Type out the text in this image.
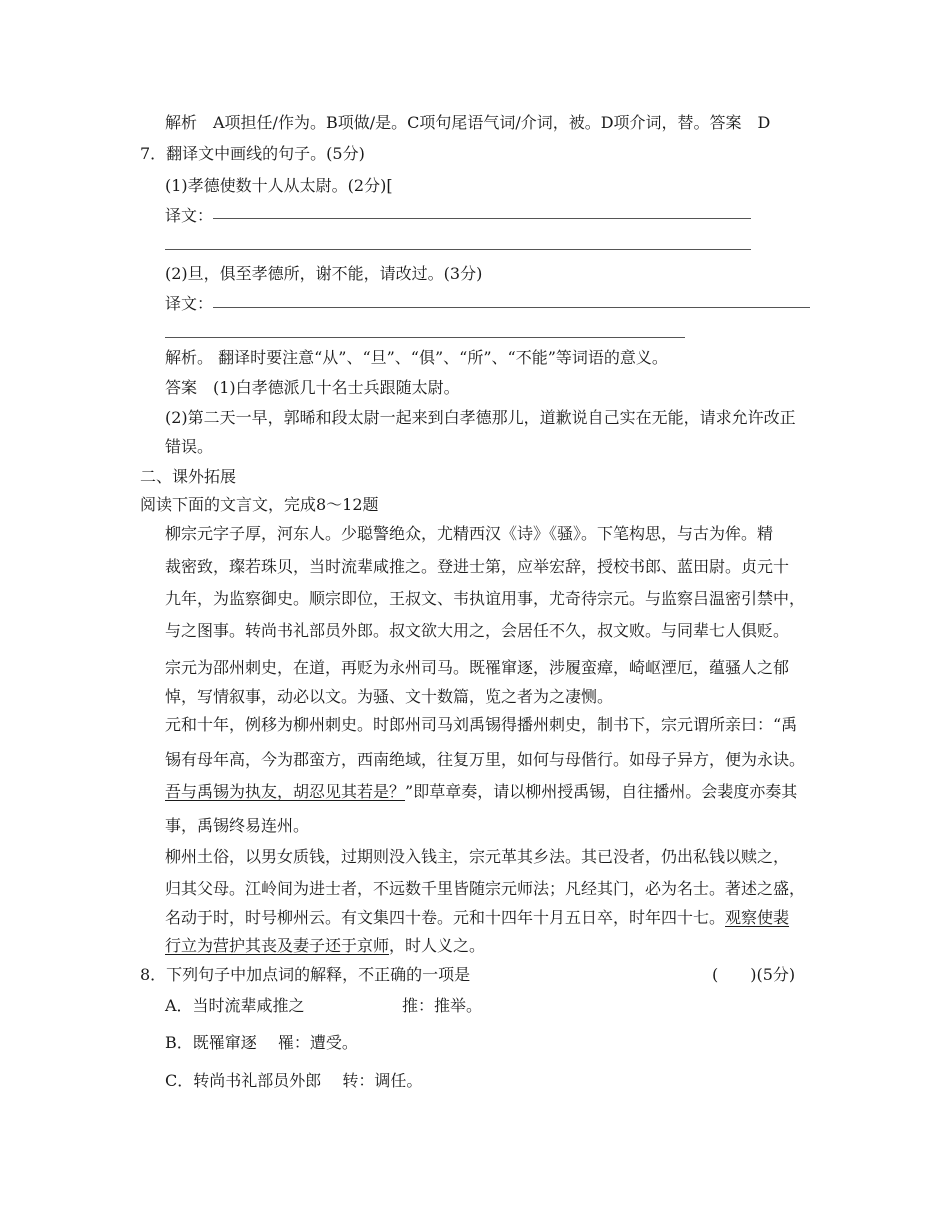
解析　A项担任/作为。B项做/是。C项句尾语气词/介词，被。D项介词，替。答案　D
7．翻译文中画线的句子。(5分)
(1)孝德使数十人从太尉。(2分)[
译文：
(2)旦，俱至孝德所，谢不能，请改过。(3分)
译文：
解析。 翻译时要注意“从”、“旦”、“俱”、“所”、“不能”等词语的意义。
答案　(1)白孝德派几十名士兵跟随太尉。
(2)第二天一早，郭晞和段太尉一起来到白孝德那儿，道歉说自己实在无能，请求允许改正
错误。
二、课外拓展
阅读下面的文言文，完成8～12题
柳宗元字子厚，河东人。少聪警绝众，尤精西汉《诗》《骚》。下笔构思，与古为侔。精
裁密致，璨若珠贝，当时流辈咸推之。登进士第，应举宏辞，授校书郎、蓝田尉。贞元十
九年，为监察御史。顺宗即位，王叔文、韦执谊用事，尤奇待宗元。与监察吕温密引禁中，
与之图事。转尚书礼部员外郎。叔文欲大用之，会居任不久，叔文败。与同辈七人俱贬。
宗元为邵州刺史，在道，再贬为永州司马。既罹窜逐，涉履蛮瘴，崎岖湮厄，蕴骚人之郁
悼，写情叙事，动必以文。为骚、文十数篇，览之者为之凄恻。
元和十年，例移为柳州刺史。时郎州司马刘禹锡得播州刺史，制书下，宗元谓所亲曰：“禹
锡有母年高，今为郡蛮方，西南绝域，往复万里，如何与母偕行。如母子异方，便为永诀。
吾与禹锡为执友，胡忍见其若是？”即草章奏，请以柳州授禹锡，自往播州。会裴度亦奏其
事，禹锡终易连州。
柳州土俗，以男女质钱，过期则没入钱主，宗元革其乡法。其已没者，仍出私钱以赎之，
归其父母。江岭间为进士者，不远数千里皆随宗元师法；凡经其门，必为名士。著述之盛，
名动于时，时号柳州云。有文集四十卷。元和十四年十月五日卒，时年四十七。观察使裴
行立为营护其丧及妻子还于京师，时人义之。
8．下列句子中加点词的解释，不正确的一项是	(　　)(5分)
A．当时流辈咸推之	推：推举。
B．既罹窜逐　 罹：遭受。
C．转尚书礼部员外郎　 转：调任。
